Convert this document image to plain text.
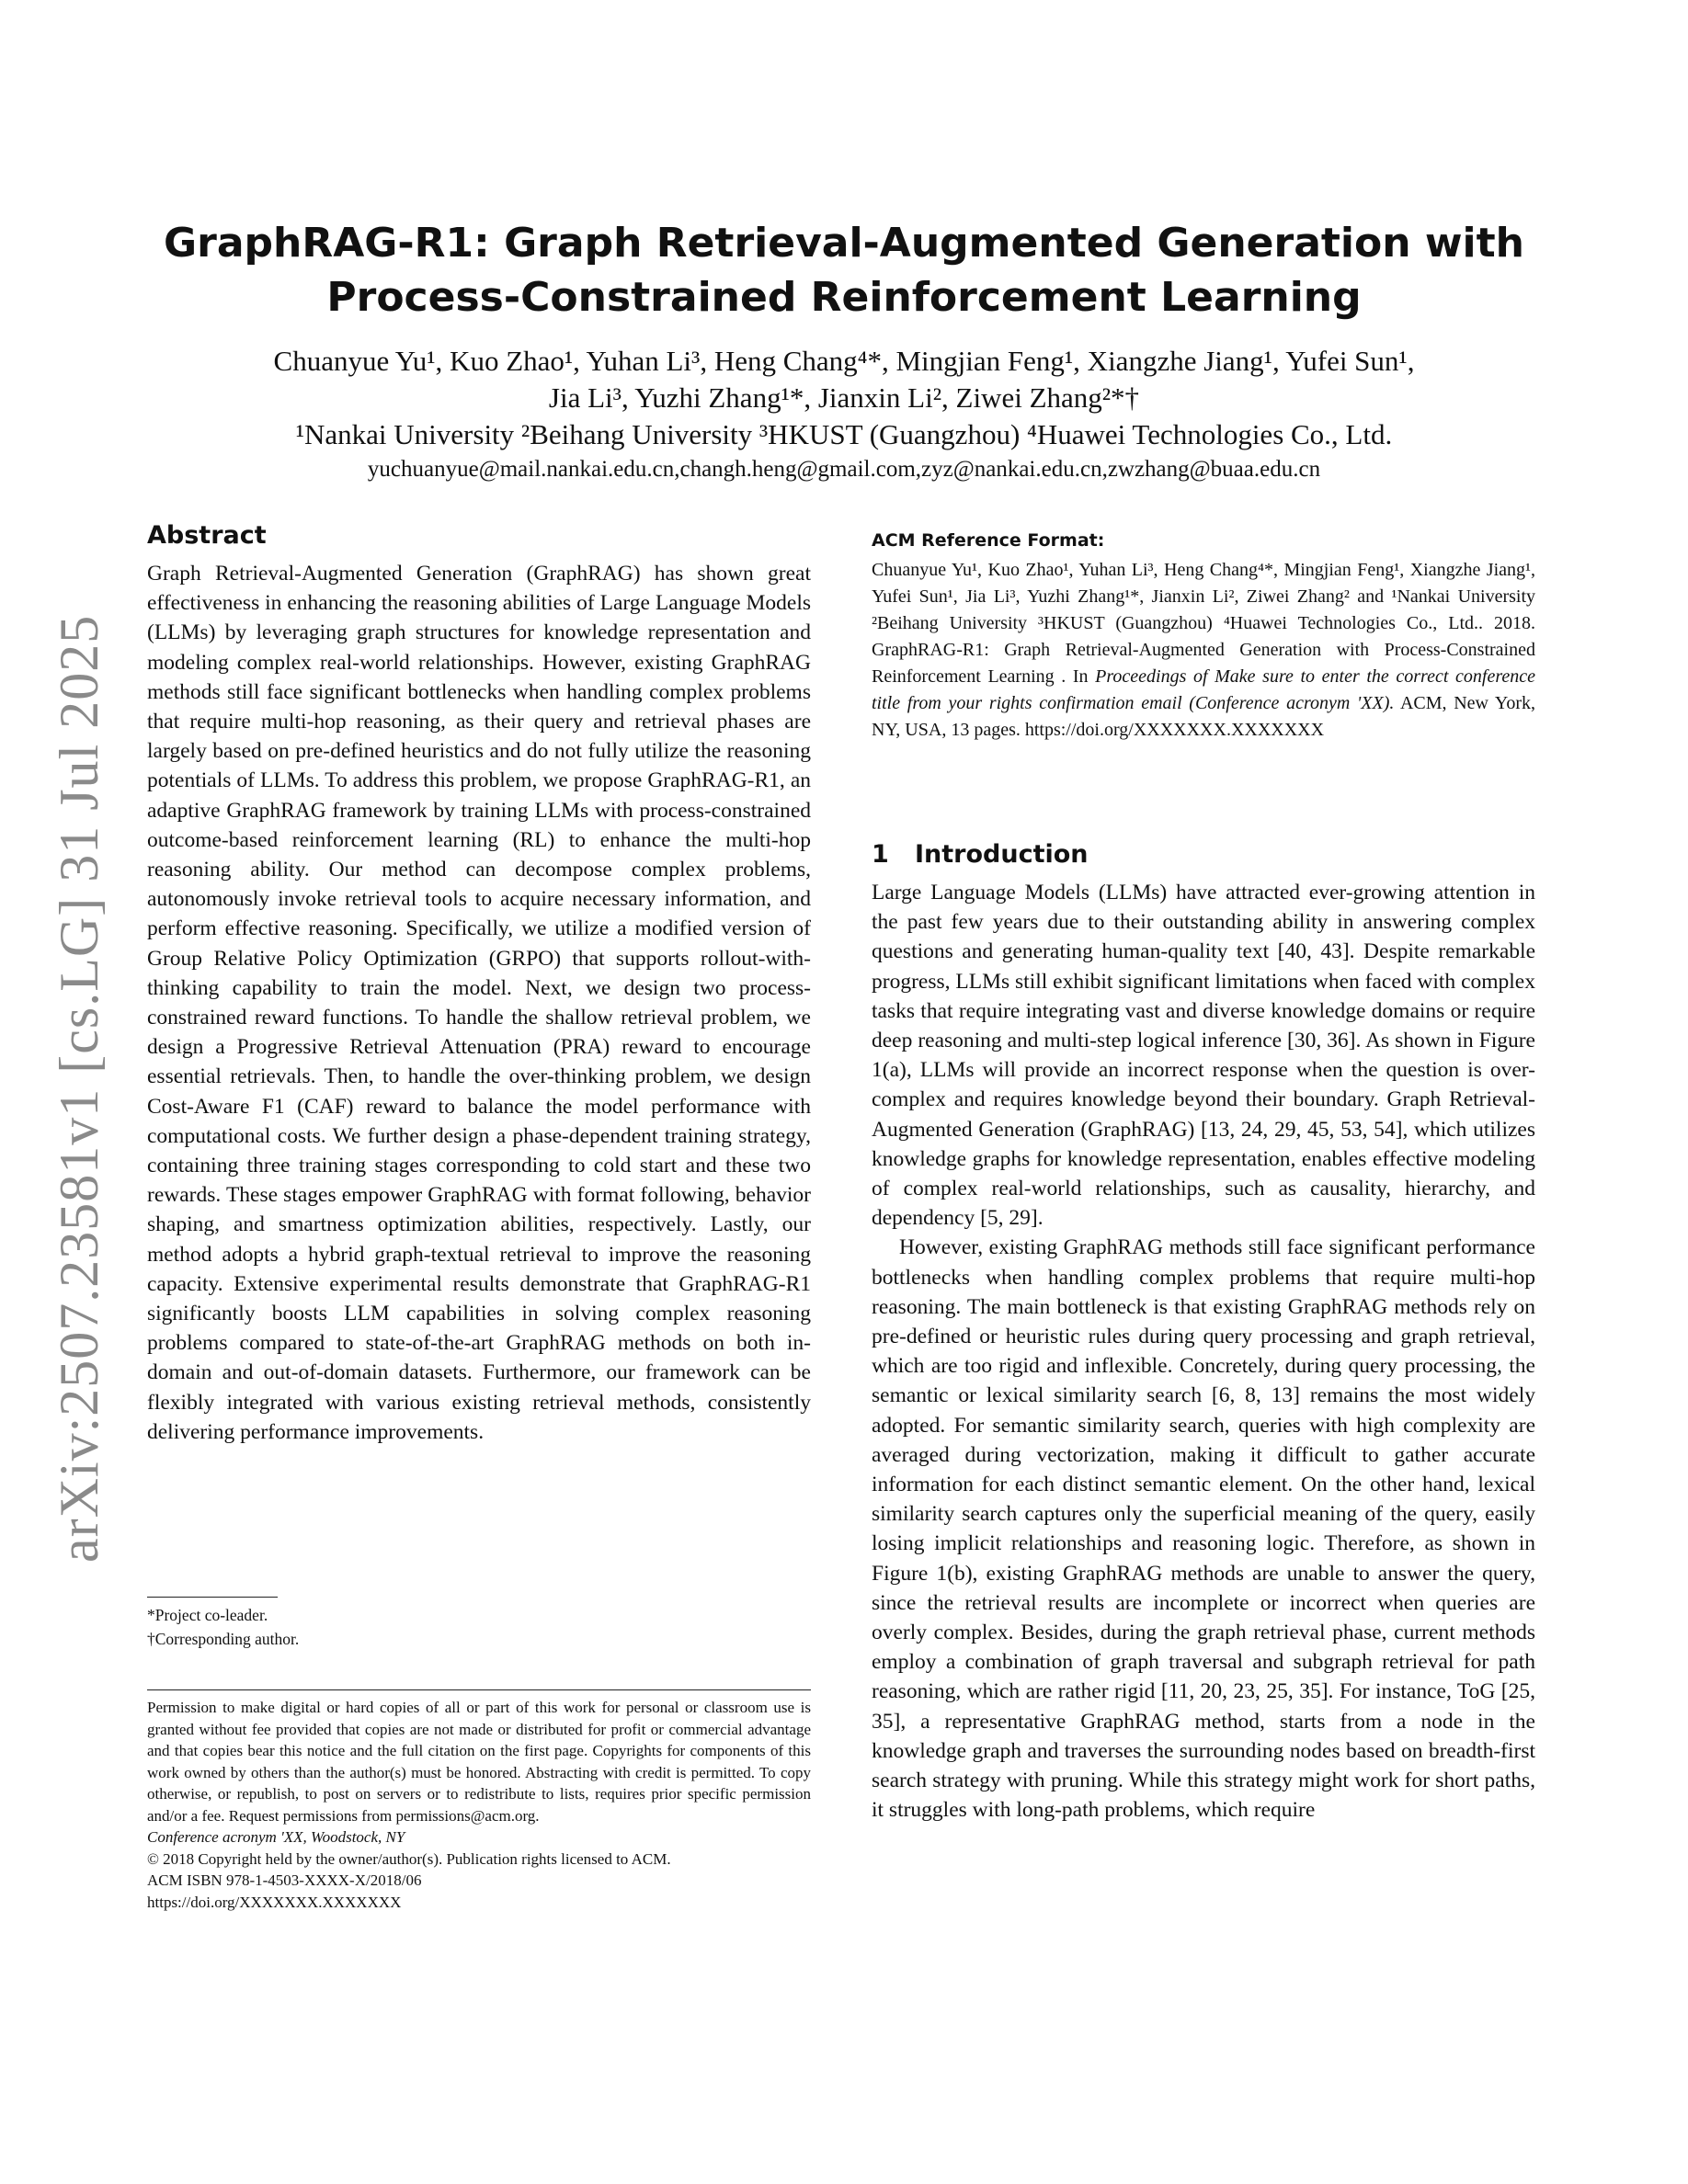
arXiv:2507.23581v1 [cs.LG] 31 Jul 2025
GraphRAG-R1: Graph Retrieval-Augmented Generation with
Process-Constrained Reinforcement Learning
Chuanyue Yu¹, Kuo Zhao¹, Yuhan Li³, Heng Chang⁴*, Mingjian Feng¹, Xiangzhe Jiang¹, Yufei Sun¹,
Jia Li³, Yuzhi Zhang¹*, Jianxin Li², Ziwei Zhang²*†
¹Nankai University ²Beihang University ³HKUST (Guangzhou) ⁴Huawei Technologies Co., Ltd.
yuchuanyue@mail.nankai.edu.cn,changh.heng@gmail.com,zyz@nankai.edu.cn,zwzhang@buaa.edu.cn
Abstract

Graph Retrieval-Augmented Generation (GraphRAG) has shown great effectiveness in enhancing the reasoning abilities of Large Language Models (LLMs) by leveraging graph structures for knowledge representation and modeling complex real-world relationships. However, existing GraphRAG methods still face significant bottlenecks when handling complex problems that require multi-hop reasoning, as their query and retrieval phases are largely based on pre-defined heuristics and do not fully utilize the reasoning potentials of LLMs. To address this problem, we propose GraphRAG-R1, an adaptive GraphRAG framework by training LLMs with process-constrained outcome-based reinforcement learning (RL) to enhance the multi-hop reasoning ability. Our method can decompose complex problems, autonomously invoke retrieval tools to acquire necessary information, and perform effective reasoning. Specifically, we utilize a modified version of Group Relative Policy Optimization (GRPO) that supports rollout-with-thinking capability to train the model. Next, we design two process-constrained reward functions. To handle the shallow retrieval problem, we design a Progressive Retrieval Attenuation (PRA) reward to encourage essential retrievals. Then, to handle the over-thinking problem, we design Cost-Aware F1 (CAF) reward to balance the model performance with computational costs. We further design a phase-dependent training strategy, containing three training stages corresponding to cold start and these two rewards. These stages empower GraphRAG with format following, behavior shaping, and smartness optimization abilities, respectively. Lastly, our method adopts a hybrid graph-textual retrieval to improve the reasoning capacity. Extensive experimental results demonstrate that GraphRAG-R1 significantly boosts LLM capabilities in solving complex reasoning problems compared to state-of-the-art GraphRAG methods on both in-domain and out-of-domain datasets. Furthermore, our framework can be flexibly integrated with various existing retrieval methods, consistently delivering performance improvements.

*Project co-leader.
†Corresponding author.

Permission to make digital or hard copies of all or part of this work for personal or classroom use is granted without fee provided that copies are not made or distributed for profit or commercial advantage and that copies bear this notice and the full citation on the first page. Copyrights for components of this work owned by others than the author(s) must be honored. Abstracting with credit is permitted. To copy otherwise, or republish, to post on servers or to redistribute to lists, requires prior specific permission and/or a fee. Request permissions from permissions@acm.org.

Conference acronym 'XX, Woodstock, NY

© 2018 Copyright held by the owner/author(s). Publication rights licensed to ACM.

ACM ISBN 978-1-4503-XXXX-X/2018/06

https://doi.org/XXXXXXX.XXXXXXX

ACM Reference Format:

Chuanyue Yu¹, Kuo Zhao¹, Yuhan Li³, Heng Chang⁴*, Mingjian Feng¹, Xiangzhe Jiang¹, Yufei Sun¹, Jia Li³, Yuzhi Zhang¹*, Jianxin Li², Ziwei Zhang² and ¹Nankai University ²Beihang University ³HKUST (Guangzhou) ⁴Huawei Technologies Co., Ltd.. 2018. GraphRAG-R1: Graph Retrieval-Augmented Generation with Process-Constrained Reinforcement Learning . In Proceedings of Make sure to enter the correct conference title from your rights confirmation email (Conference acronym 'XX). ACM, New York, NY, USA, 13 pages. https://doi.org/XXXXXXX.XXXXXXX

1   Introduction

Large Language Models (LLMs) have attracted ever-growing attention in the past few years due to their outstanding ability in answering complex questions and generating human-quality text [40, 43]. Despite remarkable progress, LLMs still exhibit significant limitations when faced with complex tasks that require integrating vast and diverse knowledge domains or require deep reasoning and multi-step logical inference [30, 36]. As shown in Figure 1(a), LLMs will provide an incorrect response when the question is over-complex and requires knowledge beyond their boundary. Graph Retrieval-Augmented Generation (GraphRAG) [13, 24, 29, 45, 53, 54], which utilizes knowledge graphs for knowledge representation, enables effective modeling of complex real-world relationships, such as causality, hierarchy, and dependency [5, 29].

However, existing GraphRAG methods still face significant performance bottlenecks when handling complex problems that require multi-hop reasoning. The main bottleneck is that existing GraphRAG methods rely on pre-defined or heuristic rules during query processing and graph retrieval, which are too rigid and inflexible. Concretely, during query processing, the semantic or lexical similarity search [6, 8, 13] remains the most widely adopted. For semantic similarity search, queries with high complexity are averaged during vectorization, making it difficult to gather accurate information for each distinct semantic element. On the other hand, lexical similarity search captures only the superficial meaning of the query, easily losing implicit relationships and reasoning logic. Therefore, as shown in Figure 1(b), existing GraphRAG methods are unable to answer the query, since the retrieval results are incomplete or incorrect when queries are overly complex. Besides, during the graph retrieval phase, current methods employ a combination of graph traversal and subgraph retrieval for path reasoning, which are rather rigid [11, 20, 23, 25, 35]. For instance, ToG [25, 35], a representative GraphRAG method, starts from a node in the knowledge graph and traverses the surrounding nodes based on breadth-first search strategy with pruning. While this strategy might work for short paths, it struggles with long-path problems, which require
